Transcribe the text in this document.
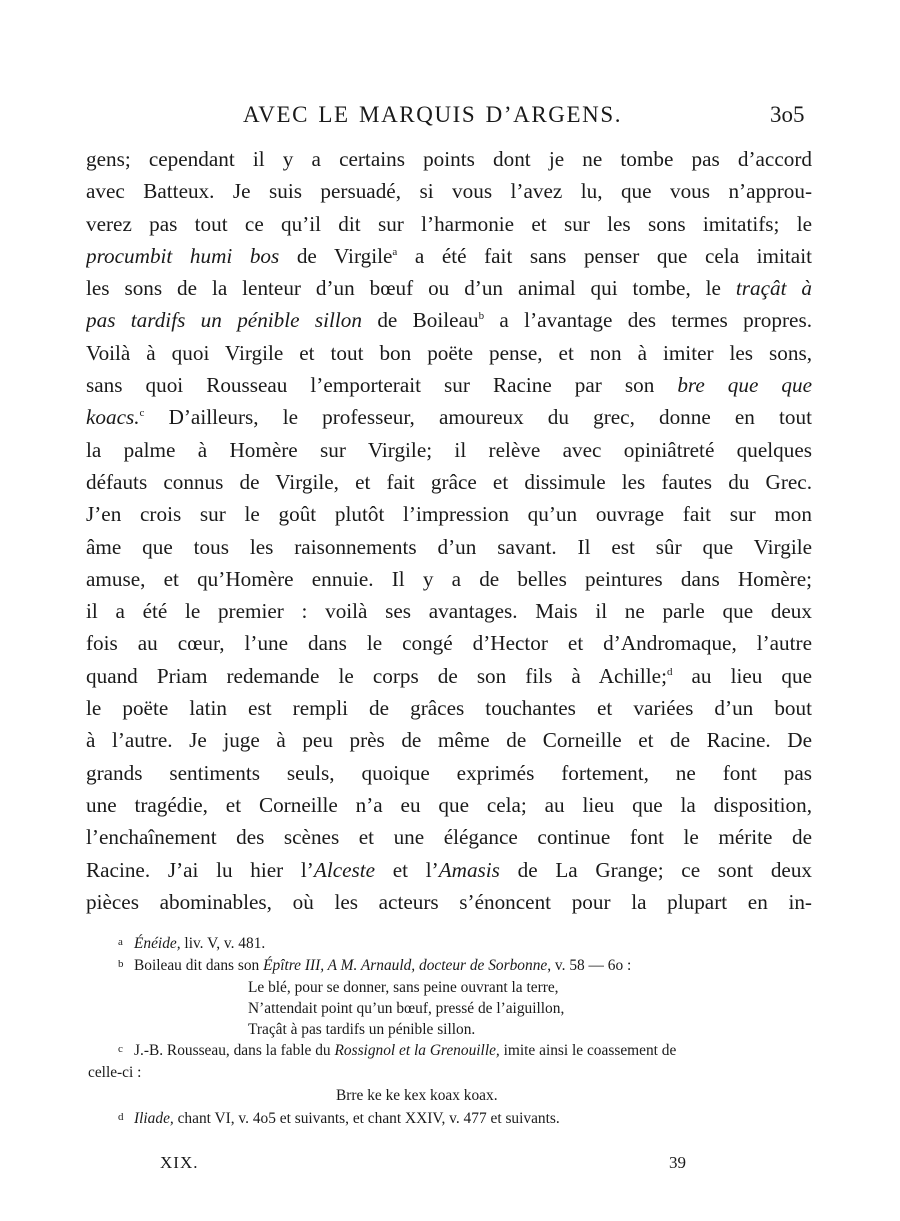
AVEC LE MARQUIS D’ARGENS.	3o5
gens; cependant il y a certains points dont je ne tombe pas d’accord
avec Batteux. Je suis persuadé, si vous l’avez lu, que vous n’approu-
verez pas tout ce qu’il dit sur l’harmonie et sur les sons imitatifs; le
procumbit humi bos de Virgile$^a$ a été fait sans penser que cela imitait
les sons de la lenteur d’un bœuf ou d’un animal qui tombe, le traçât à
pas tardifs un pénible sillon de Boileau$^b$ a l’avantage des termes propres.
Voilà à quoi Virgile et tout bon poëte pense, et non à imiter les sons,
sans quoi Rousseau l’emporterait sur Racine par son bre que que
koacs.$^c$ D’ailleurs, le professeur, amoureux du grec, donne en tout
la palme à Homère sur Virgile; il relève avec opiniâtreté quelques
défauts connus de Virgile, et fait grâce et dissimule les fautes du Grec.
J’en crois sur le goût plutôt l’impression qu’un ouvrage fait sur mon
âme que tous les raisonnements d’un savant. Il est sûr que Virgile
amuse, et qu’Homère ennuie. Il y a de belles peintures dans Homère;
il a été le premier : voilà ses avantages. Mais il ne parle que deux
fois au cœur, l’une dans le congé d’Hector et d’Andromaque, l’autre
quand Priam redemande le corps de son fils à Achille;$^d$ au lieu que
le poëte latin est rempli de grâces touchantes et variées d’un bout
à l’autre. Je juge à peu près de même de Corneille et de Racine. De
grands sentiments seuls, quoique exprimés fortement, ne font pas
une tragédie, et Corneille n’a eu que cela; au lieu que la disposition,
l’enchaînement des scènes et une élégance continue font le mérite de
Racine. J’ai lu hier l’Alceste et l’Amasis de La Grange; ce sont deux
pièces abominables, où les acteurs s’énoncent pour la plupart en in-
a Énéide, liv. V, v. 481.
b Boileau dit dans son Épître III, A M. Arnauld, docteur de Sorbonne, v. 58 — 6o :
Le blé, pour se donner, sans peine ouvrant la terre,
N’attendait point qu’un bœuf, pressé de l’aiguillon,
Traçât à pas tardifs un pénible sillon.
c J.-B. Rousseau, dans la fable du Rossignol et la Grenouille, imite ainsi le coassement de
celle-ci :
Brre ke ke kex koax koax.
d Iliade, chant VI, v. 4o5 et suivants, et chant XXIV, v. 477 et suivants.
XIX.	39
